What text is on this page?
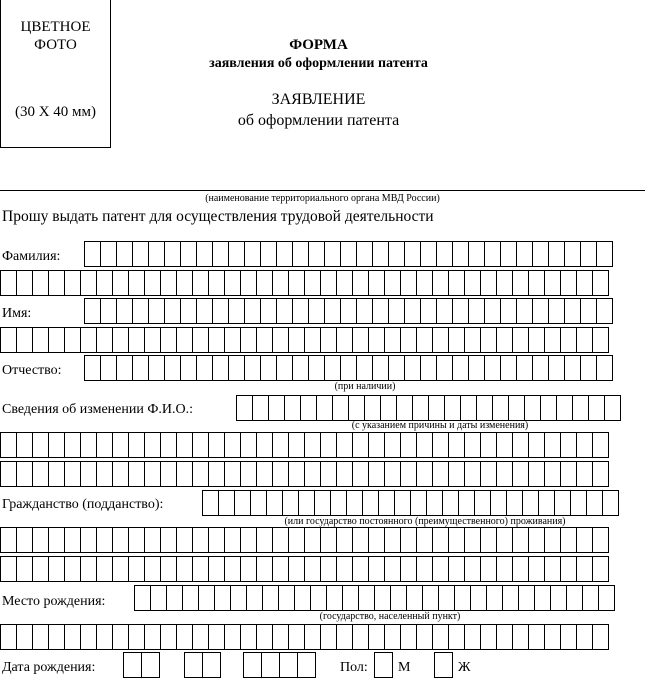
ЦВЕТНОЕ
ФОТО
(30 Х 40 мм)
ФОРМА
заявления об оформлении патента
ЗАЯВЛЕНИЕ
об оформлении патента
(наименование территориального органа МВД России)
Прошу выдать патент для осуществления трудовой деятельности
Фамилия:
Имя:
Отчество:
(при наличии)
Сведения об изменении Ф.И.О.:
(с указанием причины и даты изменения)
Гражданство (подданство):
(или государство постоянного (преимущественного) проживания)
Место рождения:
(государство, населенный пункт)
Дата рождения:	Пол: М	Ж
